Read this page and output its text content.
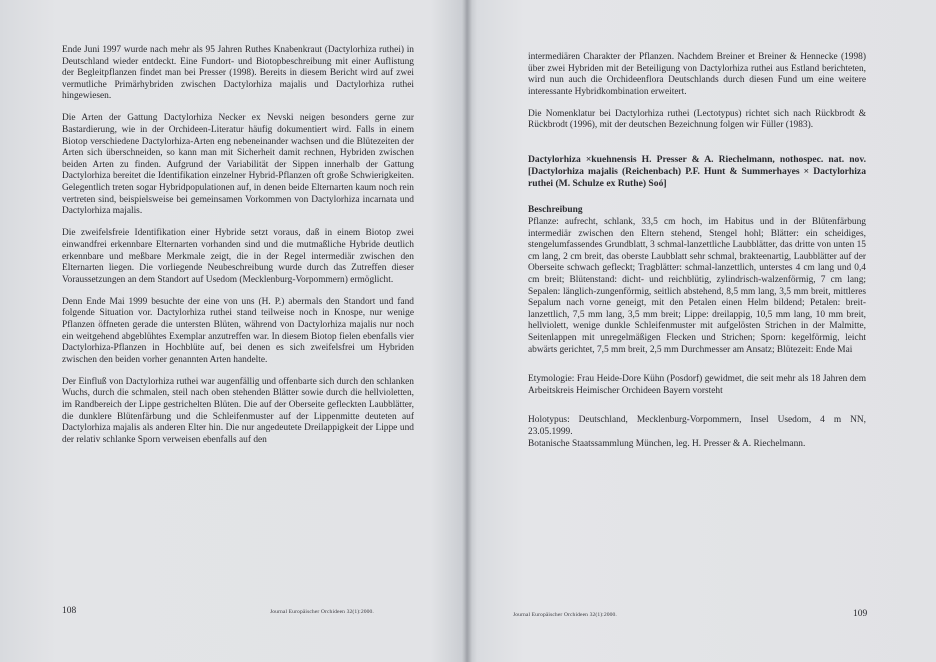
Ende Juni 1997 wurde nach mehr als 95 Jahren Ruthes Knabenkraut (Dactylorhiza ruthei) in Deutschland wieder entdeckt. Eine Fundort- und Biotopbeschreibung mit einer Auflistung der Begleitpflanzen findet man bei Presser (1998). Bereits in diesem Bericht wird auf zwei vermutliche Primärhybriden zwischen Dactylorhiza majalis und Dactylorhiza ruthei hingewiesen.

Die Arten der Gattung Dactylorhiza Necker ex Nevski neigen besonders gerne zur Bastardierung, wie in der Orchideen-Literatur häufig dokumentiert wird. Falls in einem Biotop verschiedene Dactylorhiza-Arten eng nebeneinander wachsen und die Blütezeiten der Arten sich überschneiden, so kann man mit Sicherheit damit rechnen, Hybriden zwischen beiden Arten zu finden. Aufgrund der Variabilität der Sippen innerhalb der Gattung Dactylorhiza bereitet die Identifikation einzelner Hybrid-Pflanzen oft große Schwierigkeiten. Gelegentlich treten sogar Hybridpopulationen auf, in denen beide Elternarten kaum noch rein vertreten sind, beispielsweise bei gemeinsamen Vorkommen von Dactylorhiza incarnata und Dactylorhiza majalis.

Die zweifelsfreie Identifikation einer Hybride setzt voraus, daß in einem Biotop zwei einwandfrei erkennbare Elternarten vorhanden sind und die mutmaßliche Hybride deutlich erkennbare und meßbare Merkmale zeigt, die in der Regel intermediär zwischen den Elternarten liegen. Die vorliegende Neubeschreibung wurde durch das Zutreffen dieser Voraussetzungen an dem Standort auf Usedom (Mecklenburg-Vorpommern) ermöglicht.

Denn Ende Mai 1999 besuchte der eine von uns (H. P.) abermals den Standort und fand folgende Situation vor. Dactylorhiza ruthei stand teilweise noch in Knospe, nur wenige Pflanzen öffneten gerade die untersten Blüten, während von Dactylorhiza majalis nur noch ein weitgehend abgeblühtes Exemplar anzutreffen war. In diesem Biotop fielen ebenfalls vier Dactylorhiza-Pflanzen in Hochblüte auf, bei denen es sich zweifelsfrei um Hybriden zwischen den beiden vorher genannten Arten handelte.

Der Einfluß von Dactylorhiza ruthei war augenfällig und offenbarte sich durch den schlanken Wuchs, durch die schmalen, steil nach oben stehenden Blätter sowie durch die hellvioletten, im Randbereich der Lippe gestrichelten Blüten. Die auf der Oberseite gefleckten Laubblätter, die dunklere Blütenfärbung und die Schleifenmuster auf der Lippenmitte deuteten auf Dactylorhiza majalis als anderen Elter hin. Die nur angedeutete Dreilappigkeit der Lippe und der relativ schlanke Sporn verweisen ebenfalls auf den

108	Journal Europäischer Orchideen 32(1):2000.

intermediären Charakter der Pflanzen. Nachdem Breiner et Breiner & Hennecke (1998) über zwei Hybriden mit der Beteiligung von Dactylorhiza ruthei aus Estland berichteten, wird nun auch die Orchideenflora Deutschlands durch diesen Fund um eine weitere interessante Hybridkombination erweitert.

Die Nomenklatur bei Dactylorhiza ruthei (Lectotypus) richtet sich nach Rückbrodt & Rückbrodt (1996), mit der deutschen Bezeichnung folgen wir Füller (1983).

Dactylorhiza ×kuehnensis H. Presser & A. Riechelmann, nothospec. nat. nov. [Dactylorhiza majalis (Reichenbach) P.F. Hunt & Summerhayes × Dactylorhiza ruthei (M. Schulze ex Ruthe) Soó]
Beschreibung

Pflanze: aufrecht, schlank, 33,5 cm hoch, im Habitus und in der Blütenfärbung intermediär zwischen den Eltern stehend, Stengel hohl; Blätter: ein scheidiges, stengelumfassendes Grundblatt, 3 schmal-lanzettliche Laubblätter, das dritte von unten 15 cm lang, 2 cm breit, das oberste Laubblatt sehr schmal, brakteenartig, Laubblätter auf der Oberseite schwach gefleckt; Tragblätter: schmal-lanzettlich, unterstes 4 cm lang und 0,4 cm breit; Blütenstand: dicht- und reichblütig, zylindrisch-walzenförmig, 7 cm lang; Sepalen: länglich-zungenförmig, seitlich abstehend, 8,5 mm lang, 3,5 mm breit, mittleres Sepalum nach vorne geneigt, mit den Petalen einen Helm bildend; Petalen: breit-lanzettlich, 7,5 mm lang, 3,5 mm breit; Lippe: dreilappig, 10,5 mm lang, 10 mm breit, hellviolett, wenige dunkle Schleifenmuster mit aufgelösten Strichen in der Malmitte, Seitenlappen mit unregelmäßigen Flecken und Strichen; Sporn: kegelförmig, leicht abwärts gerichtet, 7,5 mm breit, 2,5 mm Durchmesser am Ansatz; Blütezeit: Ende Mai

Etymologie: Frau Heide-Dore Kühn (Posdorf) gewidmet, die seit mehr als 18 Jahren dem Arbeitskreis Heimischer Orchideen Bayern vorsteht

Holotypus: Deutschland, Mecklenburg-Vorpommern, Insel Usedom, 4 m NN, 23.05.1999.

Botanische Staatssammlung München, leg. H. Presser & A. Riechelmann.

Journal Europäischer Orchideen 32(1):2000.	109
